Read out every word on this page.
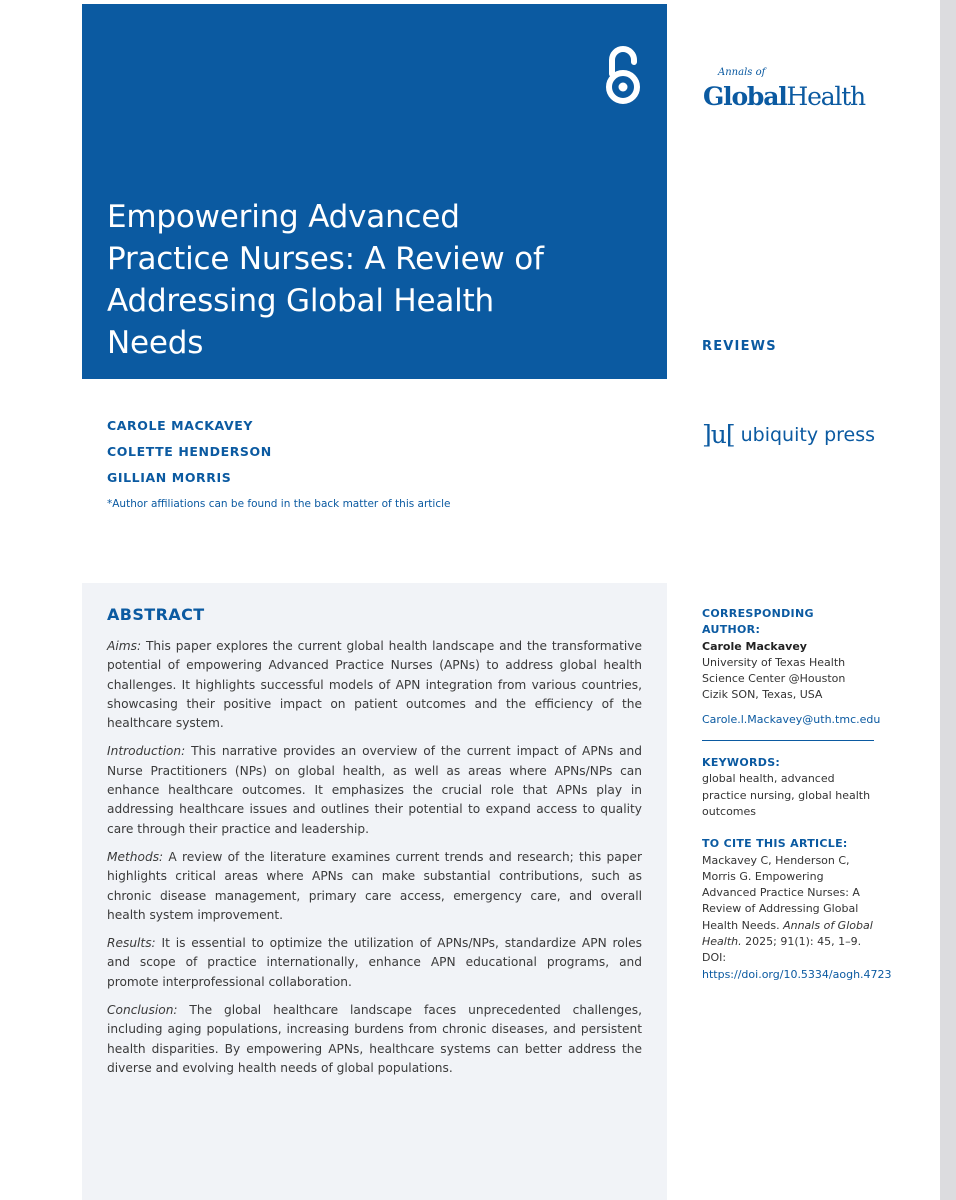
Empowering Advanced Practice Nurses: A Review of Addressing Global Health Needs
Annals of
GlobalHealth
REVIEWS
]u[ ubiquity press
CAROLE MACKAVEY
COLETTE HENDERSON
GILLIAN MORRIS
*Author affiliations can be found in the back matter of this article
ABSTRACT

Aims: This paper explores the current global health landscape and the transformative potential of empowering Advanced Practice Nurses (APNs) to address global health challenges. It highlights successful models of APN integration from various countries, showcasing their positive impact on patient outcomes and the efficiency of the healthcare system.

Introduction: This narrative provides an overview of the current impact of APNs and Nurse Practitioners (NPs) on global health, as well as areas where APNs/NPs can enhance healthcare outcomes. It emphasizes the crucial role that APNs play in addressing healthcare issues and outlines their potential to expand access to quality care through their practice and leadership.

Methods: A review of the literature examines current trends and research; this paper highlights critical areas where APNs can make substantial contributions, such as chronic disease management, primary care access, emergency care, and overall health system improvement.

Results: It is essential to optimize the utilization of APNs/NPs, standardize APN roles and scope of practice internationally, enhance APN educational programs, and promote interprofessional collaboration.

Conclusion: The global healthcare landscape faces unprecedented challenges, including aging populations, increasing burdens from chronic diseases, and persistent health disparities. By empowering APNs, healthcare systems can better address the diverse and evolving health needs of global populations.

CORRESPONDING AUTHOR:
Carole Mackavey
University of Texas Health Science Center @Houston Cizik SON, Texas, USA
Carole.l.Mackavey@uth.tmc.edu
KEYWORDS:
global health, advanced practice nursing, global health outcomes
TO CITE THIS ARTICLE:
Mackavey C, Henderson C, Morris G. Empowering Advanced Practice Nurses: A Review of Addressing Global Health Needs. Annals of Global Health. 2025; 91(1): 45, 1–9. DOI: https://doi.org/10.5334/aogh.4723
